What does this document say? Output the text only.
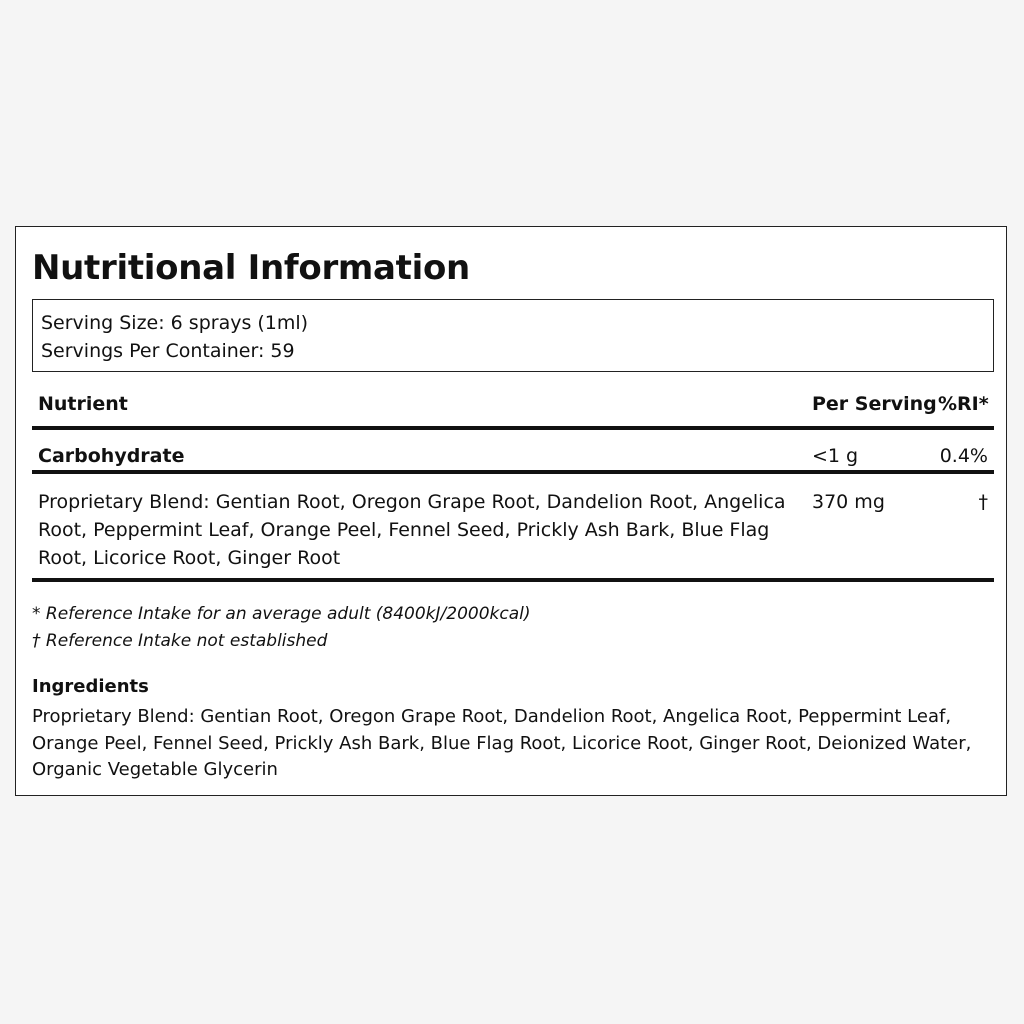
Nutritional Information
Serving Size: 6 sprays (1ml)
Servings Per Container: 59
Nutrient	Per Serving	%RI*
Carbohydrate	<1 g	0.4%
Proprietary Blend: Gentian Root, Oregon Grape Root, Dandelion Root, Angelica Root, Peppermint Leaf, Orange Peel, Fennel Seed, Prickly Ash Bark, Blue Flag Root, Licorice Root, Ginger Root	370 mg	†
* Reference Intake for an average adult (8400kJ/2000kcal)
† Reference Intake not established
Ingredients
Proprietary Blend: Gentian Root, Oregon Grape Root, Dandelion Root, Angelica Root, Peppermint Leaf, Orange Peel, Fennel Seed, Prickly Ash Bark, Blue Flag Root, Licorice Root, Ginger Root, Deionized Water, Organic Vegetable Glycerin
